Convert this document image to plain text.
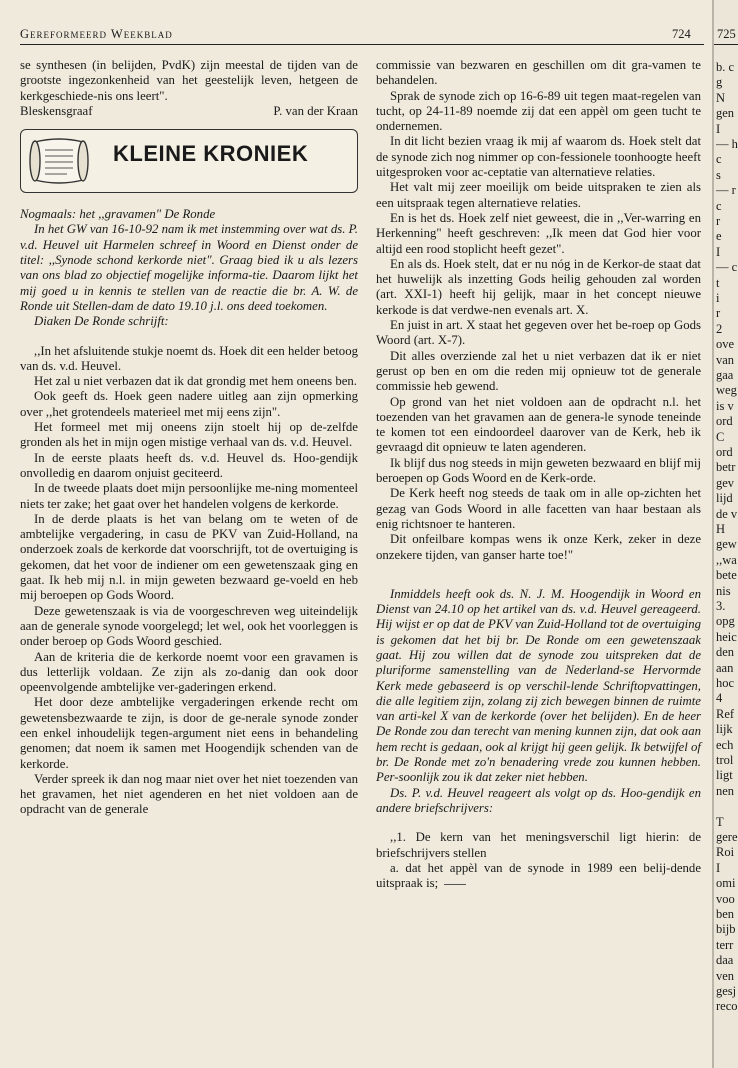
Gereformeerd Weekblad	724

se synthesen (in belijden, PvdK) zijn meestal de tijden van de grootste ingezonkenheid van het geestelijk leven, hetgeen de kerkgeschiede-nis ons leert".

Bleskensgraaf	P. van der Kraan
KLEINE KRONIEK

Nogmaals: het ,,gravamen" De Ronde

In het GW van 16-10-92 nam ik met instemming over wat ds. P. v.d. Heuvel uit Harmelen schreef in Woord en Dienst onder de titel: ,,Synode schond kerkorde niet". Graag bied ik u als lezers van ons blad zo objectief mogelijke informa-tie. Daarom lijkt het mij goed u in kennis te stellen van de reactie die br. A. W. de Ronde uit Stellen-dam de dato 19.10 j.l. ons deed toekomen.

Diaken De Ronde schrijft:

,,In het afsluitende stukje noemt ds. Hoek dit een helder betoog van ds. v.d. Heuvel.

Het zal u niet verbazen dat ik dat grondig met hem oneens ben.

Ook geeft ds. Hoek geen nadere uitleg aan zijn opmerking over ,,het grotendeels materieel met mij eens zijn".

Het formeel met mij oneens zijn stoelt hij op de-zelfde gronden als het in mijn ogen mistige verhaal van ds. v.d. Heuvel.

In de eerste plaats heeft ds. v.d. Heuvel ds. Hoo-gendijk onvolledig en daarom onjuist geciteerd.

In de tweede plaats doet mijn persoonlijke me-ning momenteel niets ter zake; het gaat over het handelen volgens de kerkorde.

In de derde plaats is het van belang om te weten of de ambtelijke vergadering, in casu de PKV van Zuid-Holland, na onderzoek zoals de kerkorde dat voorschrijft, tot de overtuiging is gekomen, dat het voor de indiener om een gewetenszaak ging en gaat. Ik heb mij n.l. in mijn geweten bezwaard ge-voeld en heb mij beroepen op Gods Woord.

Deze gewetenszaak is via de voorgeschreven weg uiteindelijk aan de generale synode voorgelegd; let wel, ook het voorleggen is onder beroep op Gods Woord geschied.

Aan de kriteria die de kerkorde noemt voor een gravamen is dus letterlijk voldaan. Ze zijn als zo-danig dan ook door opeenvolgende ambtelijke ver-gaderingen erkend.

Het door deze ambtelijke vergaderingen erkende recht om gewetensbezwaarde te zijn, is door de ge-nerale synode zonder een enkel inhoudelijk tegen-argument niet eens in behandeling genomen; dat noem ik samen met Hoogendijk schenden van de kerkorde.

Verder spreek ik dan nog maar niet over het niet toezenden van het gravamen, het niet agenderen en het niet voldoen aan de opdracht van de generale

commissie van bezwaren en geschillen om dit gra-vamen te behandelen.

Sprak de synode zich op 16-6-89 uit tegen maat-regelen van tucht, op 24-11-89 noemde zij dat een appèl om geen tucht te ondernemen.

In dit licht bezien vraag ik mij af waarom ds. Hoek stelt dat de synode zich nog nimmer op con-fessionele toonhoogte heeft uitgesproken voor ac-ceptatie van alternatieve relaties.

Het valt mij zeer moeilijk om beide uitspraken te zien als een uitspraak tegen alternatieve relaties.

En is het ds. Hoek zelf niet geweest, die in ,,Ver-warring en Herkenning" heeft geschreven: ,,Ik meen dat God hier voor altijd een rood stoplicht heeft gezet".

En als ds. Hoek stelt, dat er nu nóg in de Kerkor-de staat dat het huwelijk als inzetting Gods heilig gehouden zal worden (art. XXI-1) heeft hij gelijk, maar in het concept nieuwe kerkode is dat verdwe-nen evenals art. X.

En juist in art. X staat het gegeven over het be-roep op Gods Woord (art. X-7).

Dit alles overziende zal het u niet verbazen dat ik er niet gerust op ben en om die reden mij opnieuw tot de generale commissie heb gewend.

Op grond van het niet voldoen aan de opdracht n.l. het toezenden van het gravamen aan de genera-le synode teneinde te komen tot een eindoordeel daarover van de Kerk, heb ik gevraagd dit opnieuw te laten agenderen.

Ik blijf dus nog steeds in mijn geweten bezwaard en blijf mij beroepen op Gods Woord en de Kerk-orde.

De Kerk heeft nog steeds de taak om in alle op-zichten het gezag van Gods Woord in alle facetten van haar bestaan als enig richtsnoer te hanteren.

Dit onfeilbare kompas wens ik onze Kerk, zeker in deze onzekere tijden, van ganser harte toe!"

Inmiddels heeft ook ds. N. J. M. Hoogendijk in Woord en Dienst van 24.10 op het artikel van ds. v.d. Heuvel gereageerd. Hij wijst er op dat de PKV van Zuid-Holland tot de overtuiging is gekomen dat het bij br. De Ronde om een gewetenszaak gaat. Hij zou willen dat de synode zou uitspreken dat de pluriforme samenstelling van de Nederland-se Hervormde Kerk mede gebaseerd is op verschil-lende Schriftopvattingen, die alle legitiem zijn, zolang zij zich bewegen binnen de ruimte van arti-kel X van de kerkorde (over het belijden). En de heer De Ronde zou dan terecht van mening kunnen zijn, dat ook aan hem recht is gedaan, ook al krijgt hij geen gelijk. Ik betwijfel of br. De Ronde met zo'n benadering vrede zou kunnen hebben. Per-soonlijk zou ik dat zeker niet hebben.

Ds. P. v.d. Heuvel reageert als volgt op ds. Hoo-gendijk en andere briefschrijvers:

,,1. De kern van het meningsverschil ligt hierin: de briefschrijvers stellen

a. dat het appèl van de synode in 1989 een belij-dende uitspraak is;

725
b. c
g
N
gen
I
— h
c
s
— r
c
r
e
I
— c
t
i
r
2
ove
van
gaa
weg
is v
ord
C
ord
betr
gev
lijd
de v
H
gew
,,wa
bete
nis
3.
opg
heic
den
aan
hoc
4
Ref
lijk
ech
trol
ligt
nen
T
gere
Roi
I
omi
voo
ben
bijb
terr
daa
ven
gesj
reco
